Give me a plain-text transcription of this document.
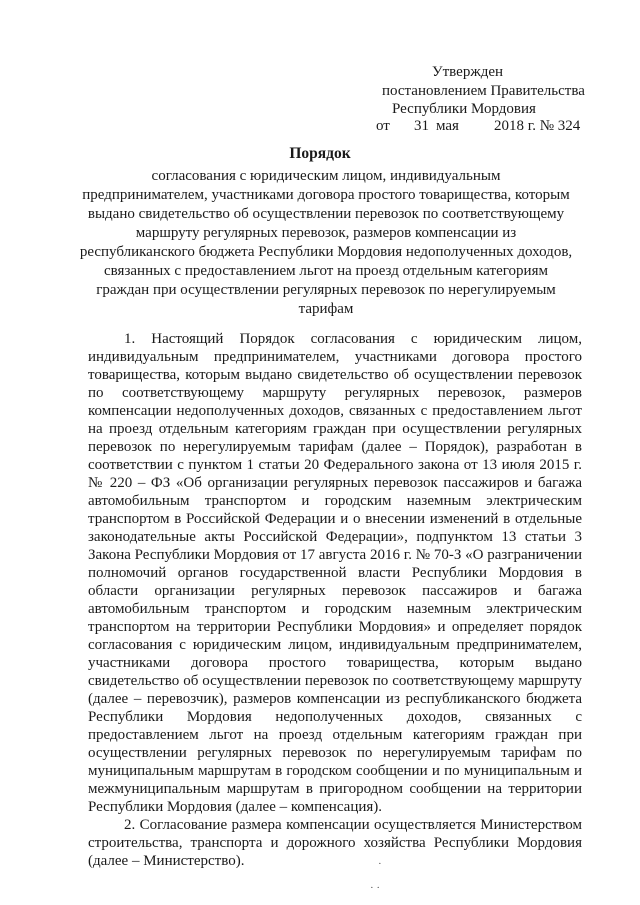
Утвержден
постановлением Правительства
Республики Мордовия
от 31 мая 2018 г. № 324
Порядок
согласования с юридическим лицом, индивидуальным
предпринимателем, участниками договора простого товарищества, которым
выдано свидетельство об осуществлении перевозок по соответствующему
маршруту регулярных перевозок, размеров компенсации из
республиканского бюджета Республики Мордовия недополученных доходов,
связанных с предоставлением льгот на проезд отдельным категориям
граждан при осуществлении регулярных перевозок по нерегулируемым
тарифам
1. Настоящий Порядок согласования с юридическим лицом,
индивидуальным предпринимателем, участниками договора простого
товарищества, которым выдано свидетельство об осуществлении перевозок
по соответствующему маршруту регулярных перевозок, размеров
компенсации недополученных доходов, связанных с предоставлением льгот
на проезд отдельным категориям граждан при осуществлении регулярных
перевозок по нерегулируемым тарифам (далее – Порядок), разработан в
соответствии с пунктом 1 статьи 20 Федерального закона от 13 июля 2015 г.
№ 220 – ФЗ «Об организации регулярных перевозок пассажиров и багажа
автомобильным транспортом и городским наземным электрическим
транспортом в Российской Федерации и о внесении изменений в отдельные
законодательные акты Российской Федерации», подпунктом 13 статьи 3
Закона Республики Мордовия от 17 августа 2016 г. № 70-З «О разграничении
полномочий органов государственной власти Республики Мордовия в
области организации регулярных перевозок пассажиров и багажа
автомобильным транспортом и городским наземным электрическим
транспортом на территории Республики Мордовия» и определяет порядок
согласования с юридическим лицом, индивидуальным предпринимателем,
участниками договора простого товарищества, которым выдано
свидетельство об осуществлении перевозок по соответствующему маршруту
(далее – перевозчик), размеров компенсации из республиканского бюджета
Республики Мордовия недополученных доходов, связанных с
предоставлением льгот на проезд отдельным категориям граждан при
осуществлении регулярных перевозок по нерегулируемым тарифам по
муниципальным маршрутам в городском сообщении и по муниципальным и
межмуниципальным маршрутам в пригородном сообщении на территории
Республики Мордовия (далее – компенсация).
2. Согласование размера компенсации осуществляется Министерством
строительства, транспорта и дорожного хозяйства Республики Мордовия
(далее – Министерство).	·
· ·
